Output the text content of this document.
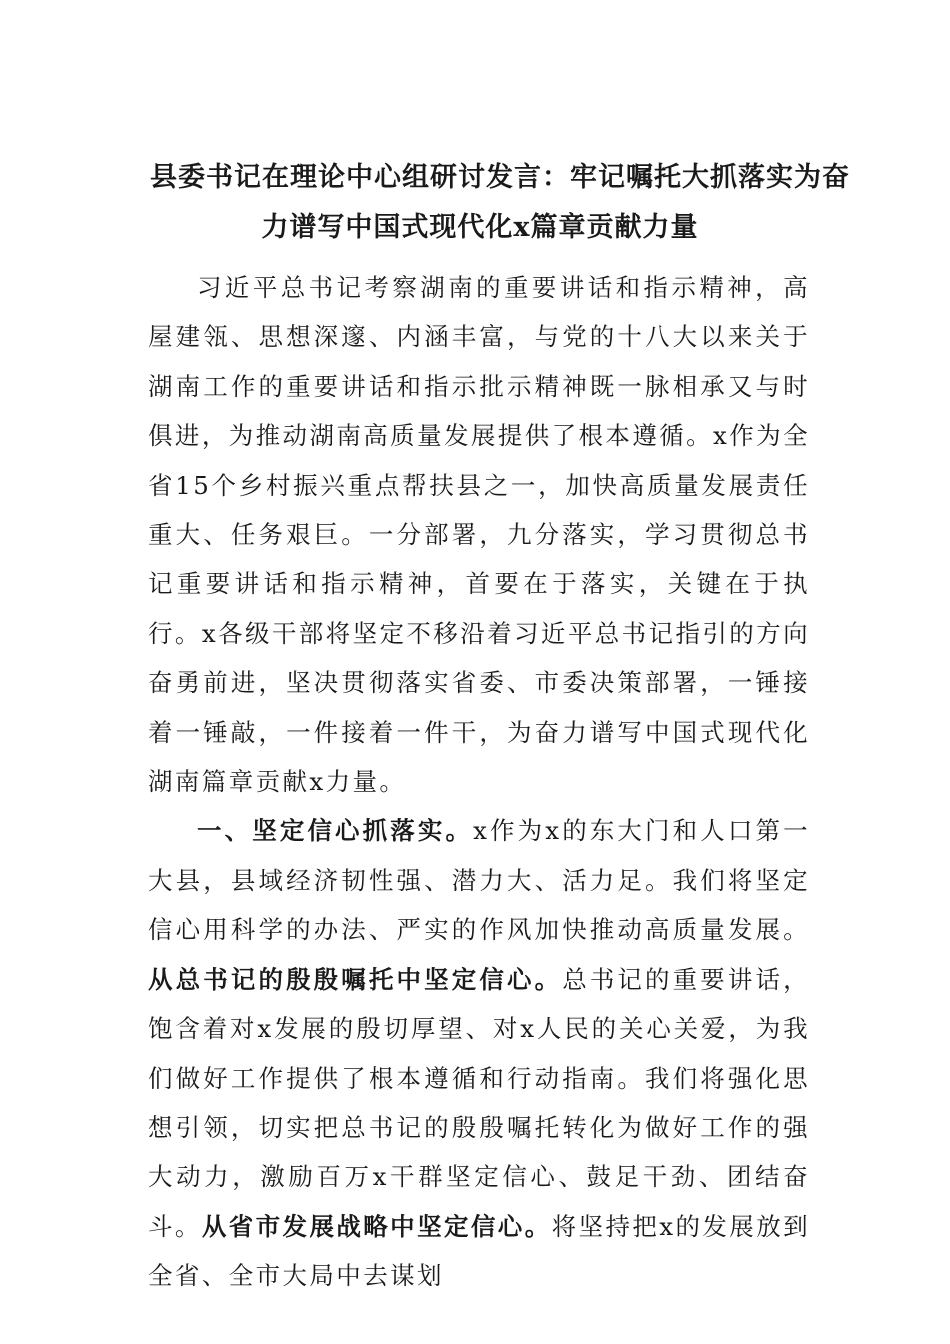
县委书记在理论中心组研讨发言：牢记嘱托大抓落实为奋
力谱写中国式现代化x篇章贡献力量

习近平总书记考察湖南的重要讲话和指示精神，高屋建瓴、思想深邃、内涵丰富，与党的十八大以来关于湖南工作的重要讲话和指示批示精神既一脉相承又与时俱进，为推动湖南高质量发展提供了根本遵循。x作为全省15个乡村振兴重点帮扶县之一，加快高质量发展责任重大、任务艰巨。一分部署，九分落实，学习贯彻总书记重要讲话和指示精神，首要在于落实，关键在于执行。x各级干部将坚定不移沿着习近平总书记指引的方向奋勇前进，坚决贯彻落实省委、市委决策部署，一锤接着一锤敲，一件接着一件干，为奋力谱写中国式现代化湖南篇章贡献x力量。

一、坚定信心抓落实。x作为x的东大门和人口第一大县，县域经济韧性强、潜力大、活力足。我们将坚定信心用科学的办法、严实的作风加快推动高质量发展。从总书记的殷殷嘱托中坚定信心。总书记的重要讲话，饱含着对x发展的殷切厚望、对x人民的关心关爱，为我们做好工作提供了根本遵循和行动指南。我们将强化思想引领，切实把总书记的殷殷嘱托转化为做好工作的强大动力，激励百万x干群坚定信心、鼓足干劲、团结奋斗。从省市发展战略中坚定信心。将坚持把x的发展放到全省、全市大局中去谋划
